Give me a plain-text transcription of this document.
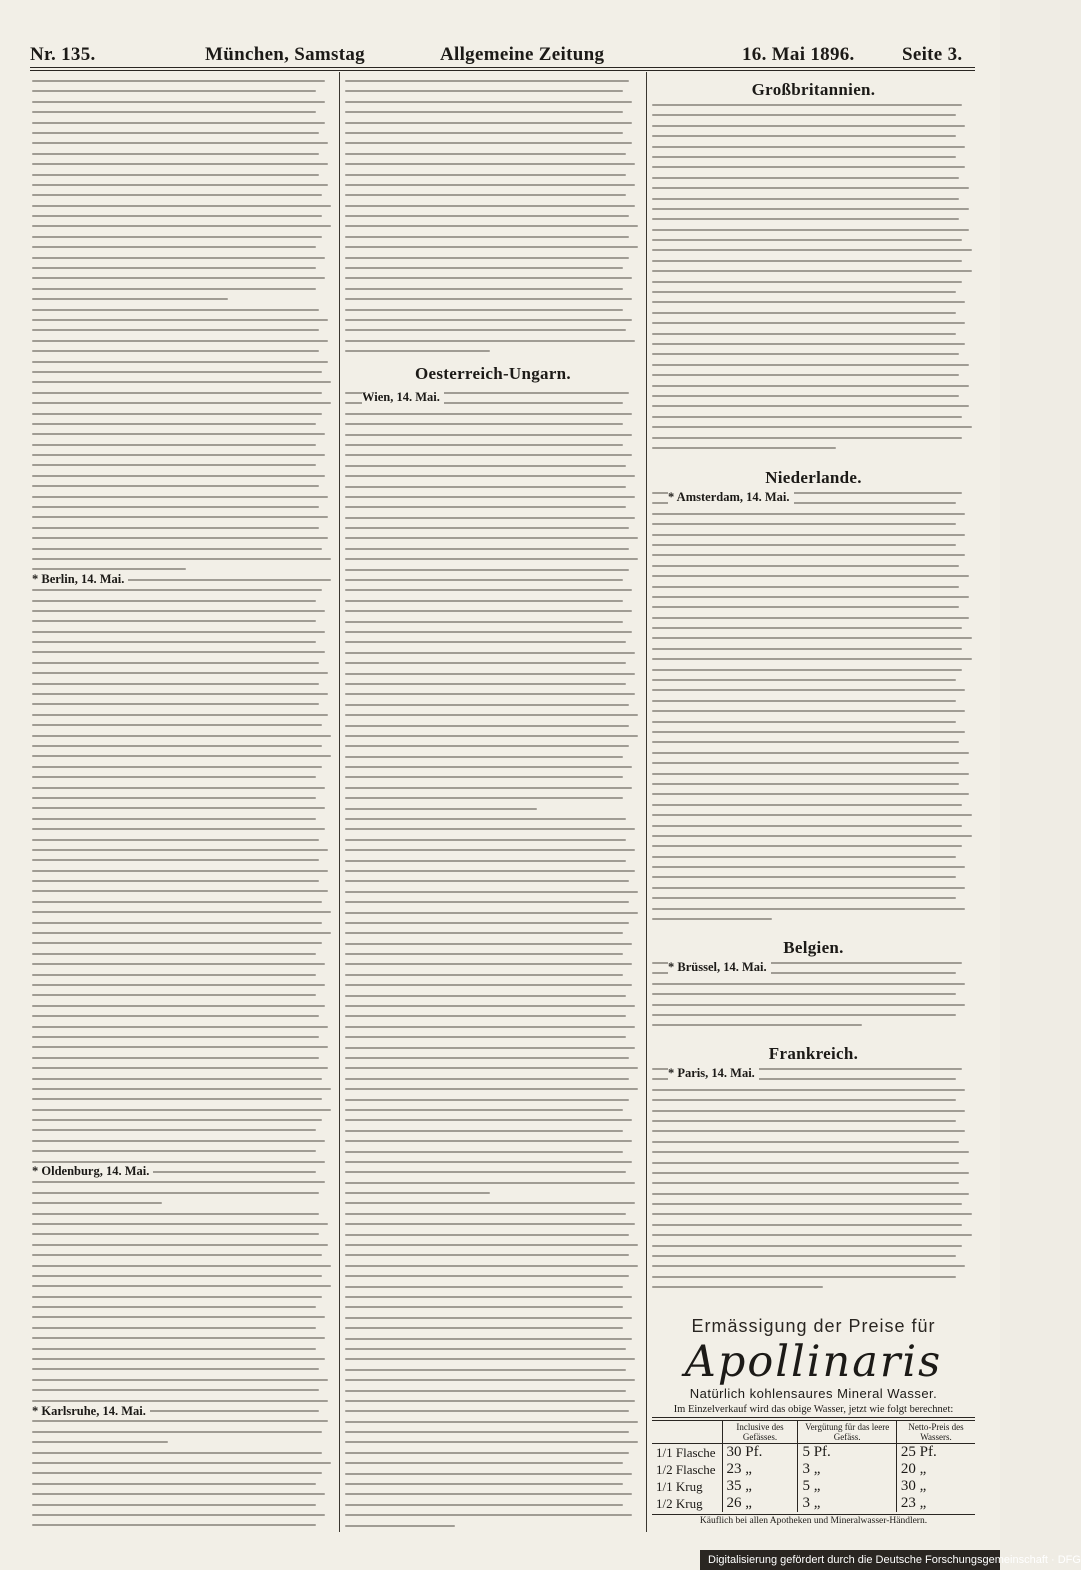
Nr. 135.	München, Samstag	Allgemeine Zeitung	16. Mai 1896. Seite 3.
* Berlin, 14. Mai.
* Oldenburg, 14. Mai.
* Karlsruhe, 14. Mai.
Oesterreich-Ungarn.
Wien, 14. Mai.
Großbritannien.
Niederlande.
* Amsterdam, 14. Mai.
Belgien.
* Brüssel, 14. Mai.
Frankreich.
* Paris, 14. Mai.
Ermässigung der Preise für
Apollinaris
Natürlich kohlensaures Mineral Wasser.
Im Einzelverkauf wird das obige Wasser, jetzt wie folgt berechnet:
	Inclusive des Gefässes.	Vergütung für das leere Gefäss.	Netto-Preis des Wassers.
1/1 Flasche	30 Pf.	5 Pf.	25 Pf.
1/2 Flasche	23 „	3 „	20 „
1/1 Krug	35 „	5 „	30 „
1/2 Krug	26 „	3 „	23 „
Käuflich bei allen Apotheken und Mineralwasser-Händlern.
Digitalisierung gefördert durch die Deutsche Forschungsgemeinschaft · DFG
